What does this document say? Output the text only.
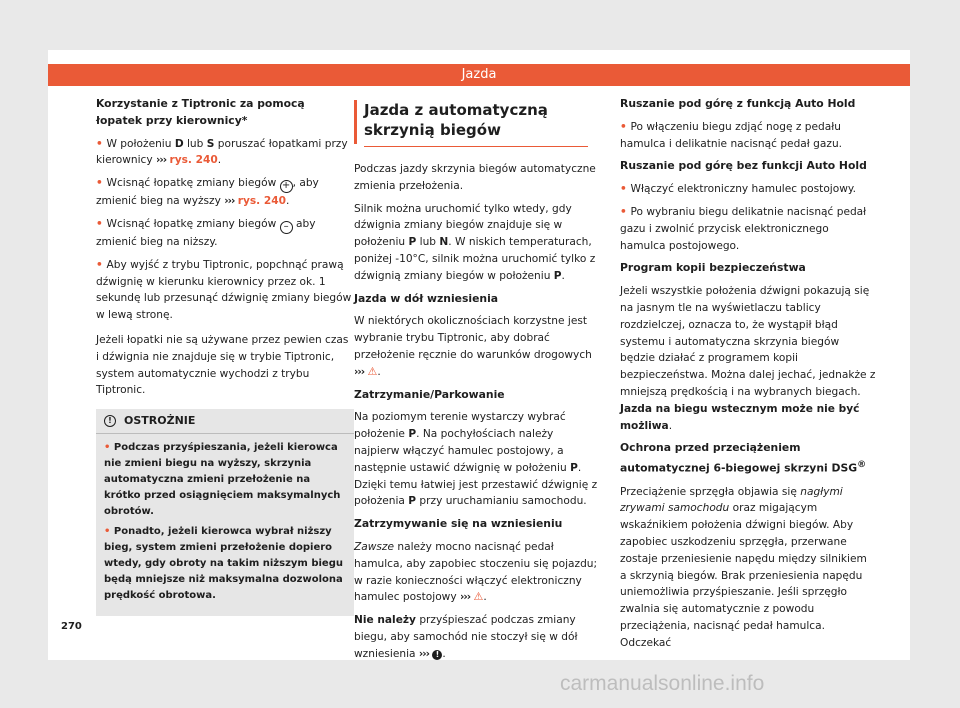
Jazda
Korzystanie z Tiptronic za pomocą łopatek przy kierownicy*

• W położeniu D lub S poruszać łopatkami przy kierownicy ››› rys. 240.

• Wcisnąć łopatkę zmiany biegów + , aby zmienić bieg na wyższy ››› rys. 240.

• Wcisnąć łopatkę zmiany biegów – aby zmienić bieg na niższy.

• Aby wyjść z trybu Tiptronic, popchnąć prawą dźwignię w kierunku kierownicy przez ok. 1 sekundę lub przesunąć dźwignię zmiany biegów w lewą stronę.

Jeżeli łopatki nie są używane przez pewien czas i dźwignia nie znajduje się w trybie Tiptronic, system automatycznie wychodzi z trybu Tiptronic.

!	OSTROŻNIE

• Podczas przyśpieszania, jeżeli kierowca nie zmieni biegu na wyższy, skrzynia automatyczna zmieni przełożenie na krótko przed osiągnięciem maksymalnych obrotów.

• Ponadto, jeżeli kierowca wybrał niższy bieg, system zmieni przełożenie dopiero wtedy, gdy obroty na takim niższym biegu będą mniejsze niż maksymalna dozwolona prędkość obrotowa.

Jazda z automatyczną skrzynią biegów

Podczas jazdy skrzynia biegów automatyczne zmienia przełożenia.

Silnik można uruchomić tylko wtedy, gdy dźwignia zmiany biegów znajduje się w położeniu P lub N. W niskich temperaturach, poniżej -10°C, silnik można uruchomić tylko z dźwignią zmiany biegów w położeniu P.

Jazda w dół wzniesienia

W niektórych okolicznościach korzystne jest wybranie trybu Tiptronic, aby dobrać przełożenie ręcznie do warunków drogowych ››› ⚠.

Zatrzymanie/Parkowanie

Na poziomym terenie wystarczy wybrać położenie P. Na pochyłościach należy najpierw włączyć hamulec postojowy, a następnie ustawić dźwignię w położeniu P. Dzięki temu łatwiej jest przestawić dźwignię z położenia P przy uruchamianiu samochodu.

Zatrzymywanie się na wzniesieniu

Zawsze należy mocno nacisnąć pedał hamulca, aby zapobiec stoczeniu się pojazdu; w razie konieczności włączyć elektroniczny hamulec postojowy ››› ⚠.

Nie należy przyśpieszać podczas zmiany biegu, aby samochód nie stoczył się w dół wzniesienia ››› ! .

Ruszanie pod górę z funkcją Auto Hold

• Po włączeniu biegu zdjąć nogę z pedału hamulca i delikatnie nacisnąć pedał gazu.

Ruszanie pod górę bez funkcji Auto Hold

• Włączyć elektroniczny hamulec postojowy.

• Po wybraniu biegu delikatnie nacisnąć pedał gazu i zwolnić przycisk elektronicznego hamulca postojowego.

Program kopii bezpieczeństwa

Jeżeli wszystkie położenia dźwigni pokazują się na jasnym tle na wyświetlaczu tablicy rozdzielczej, oznacza to, że wystąpił błąd systemu i automatyczna skrzynia biegów będzie działać z programem kopii bezpieczeństwa. Można dalej jechać, jednakże z mniejszą prędkością i na wybranych biegach. Jazda na biegu wstecznym może nie być możliwa.

Ochrona przed przeciążeniem automatycznej 6-biegowej skrzyni DSG®

Przeciążenie sprzęgła objawia się nagłymi zrywami samochodu oraz migającym wskaźnikiem położenia dźwigni biegów. Aby zapobiec uszkodzeniu sprzęgła, przerwane zostaje przeniesienie napędu między silnikiem a skrzynią biegów. Brak przeniesienia napędu uniemożliwia przyśpieszanie. Jeśli sprzęgło zwalnia się automatycznie z powodu przeciążenia, nacisnąć pedał hamulca. Odczekać

270
carmanualsonline.info
